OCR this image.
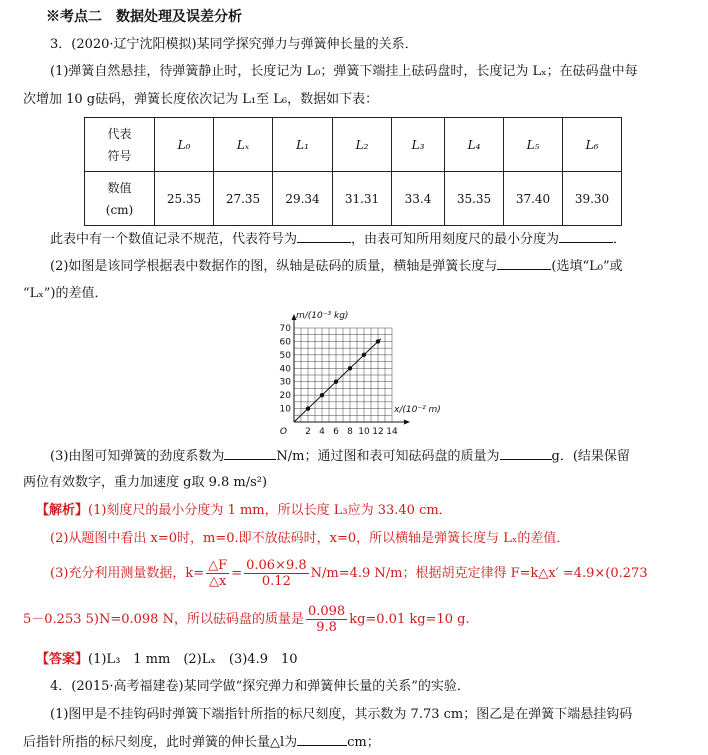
※考点二　数据处理及误差分析
3．(2020·辽宁沈阳模拟)某同学探究弹力与弹簧伸长量的关系．
(1)弹簧自然悬挂，待弹簧静止时，长度记为 L₀；弹簧下端挂上砝码盘时，长度记为 Lₓ；在砝码盘中每
次增加 10 g砝码，弹簧长度依次记为 L₁至 L₆，数据如下表：
代表
符号	L₀	Lₓ	L₁	L₂	L₃	L₄	L₅	L₆
数值
(cm)	25.35	27.35	29.34	31.31	33.4	35.35	37.40	39.30
此表中有一个数值记录不规范，代表符号为	，由表可知所用刻度尺的最小分度为	．
(2)如图是该同学根据表中数据作的图，纵轴是砝码的质量，横轴是弹簧长度与	(选填“L₀”或
“Lₓ”)的差值．
2 4 6 8 10 12 14
10
20
30
40
50
60
70
O
m/(10⁻³ kg)
x/(10⁻² m)
(3)由图可知弹簧的劲度系数为	N/m；通过图和表可知砝码盘的质量为	g．(结果保留
两位有效数字，重力加速度 g取 9.8 m/s²)
【解析】(1)刻度尺的最小分度为 1 mm，所以长度 L₃应为 33.40 cm．
(2)从题图中看出 x=0时，m=0.即不放砝码时，x=0，所以横轴是弹簧长度与 Lₓ的差值．
(3)充分利用测量数据，$k= \frac{\triangle F}{\triangle x} = \frac{0.06\times 9.8}{0.12} N/m=4.9$ N/m；根据胡克定律得 F=k△x′ =4.9×(0.273
5－0.253 5)N=0.098 N，所以砝码盘的质量是 $\frac{0.098}{9.8} kg=0.01$ kg=10 g.
【答案】(1)L₃　1 mm　(2)Lₓ　(3)4.9　10
4．(2015·高考福建卷)某同学做“探究弹力和弹簧伸长量的关系”的实验．
(1)图甲是不挂钩码时弹簧下端指针所指的标尺刻度，其示数为 7.73 cm；图乙是在弹簧下端悬挂钩码
后指针所指的标尺刻度，此时弹簧的伸长量△l为	cm；
